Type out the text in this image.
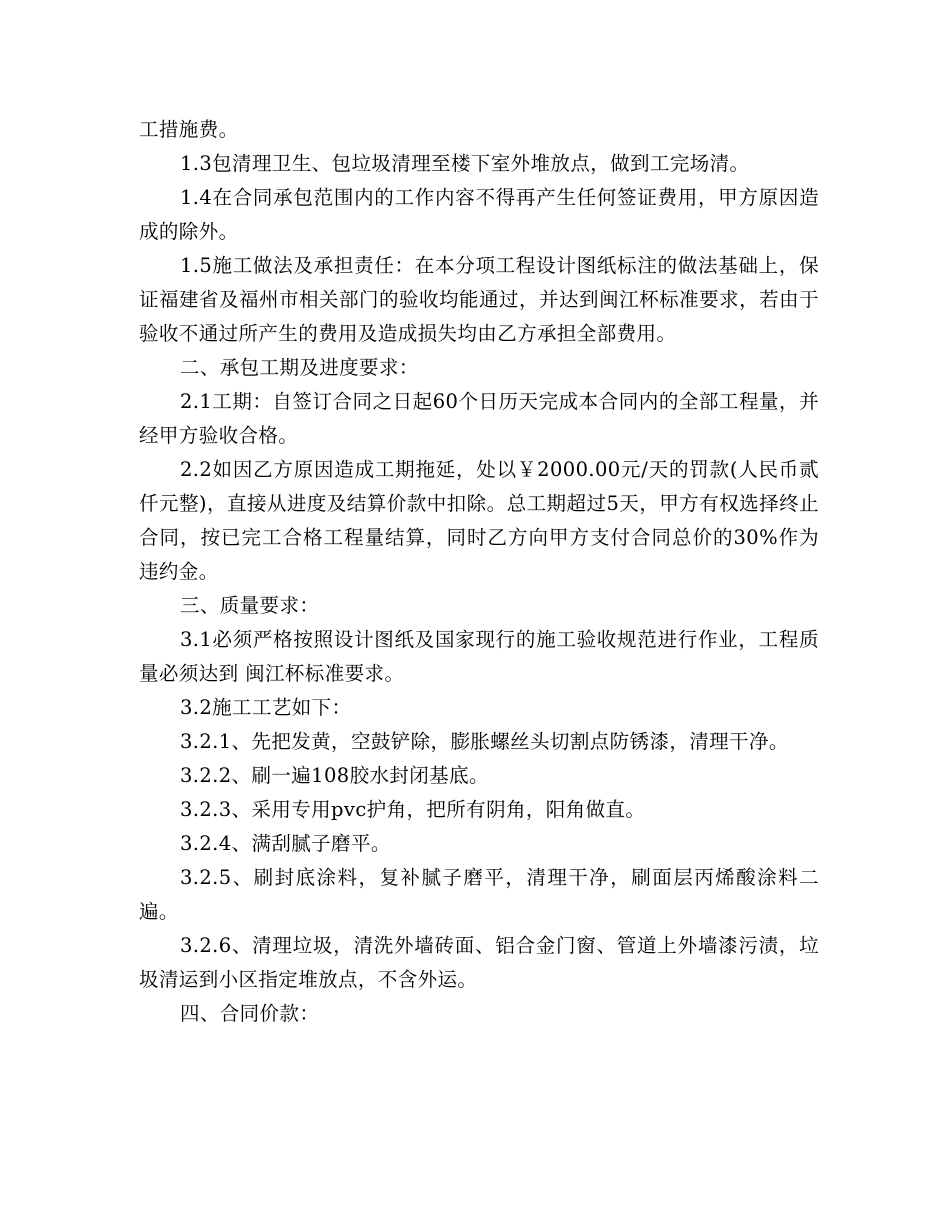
工措施费。

1.3包清理卫生、包垃圾清理至楼下室外堆放点，做到工完场清。

1.4在合同承包范围内的工作内容不得再产生任何签证费用，甲方原因造成的除外。

1.5施工做法及承担责任：在本分项工程设计图纸标注的做法基础上，保证福建省及福州市相关部门的验收均能通过，并达到闽江杯标准要求，若由于验收不通过所产生的费用及造成损失均由乙方承担全部费用。

二、承包工期及进度要求：

2.1工期：自签订合同之日起60个日历天完成本合同内的全部工程量，并经甲方验收合格。

2.2如因乙方原因造成工期拖延，处以￥2000.00元/天的罚款(人民币贰仟元整)，直接从进度及结算价款中扣除。总工期超过5天，甲方有权选择终止合同，按已完工合格工程量结算，同时乙方向甲方支付合同总价的30%作为违约金。

三、质量要求：

3.1必须严格按照设计图纸及国家现行的施工验收规范进行作业，工程质量必须达到 闽江杯标准要求。

3.2施工工艺如下：

3.2.1、先把发黄，空鼓铲除，膨胀螺丝头切割点防锈漆，清理干净。

3.2.2、刷一遍108胶水封闭基底。

3.2.3、采用专用pvc护角，把所有阴角，阳角做直。

3.2.4、满刮腻子磨平。

3.2.5、刷封底涂料，复补腻子磨平，清理干净，刷面层丙烯酸涂料二遍。

3.2.6、清理垃圾，清洗外墙砖面、铝合金门窗、管道上外墙漆污渍，垃圾清运到小区指定堆放点，不含外运。

四、合同价款：
